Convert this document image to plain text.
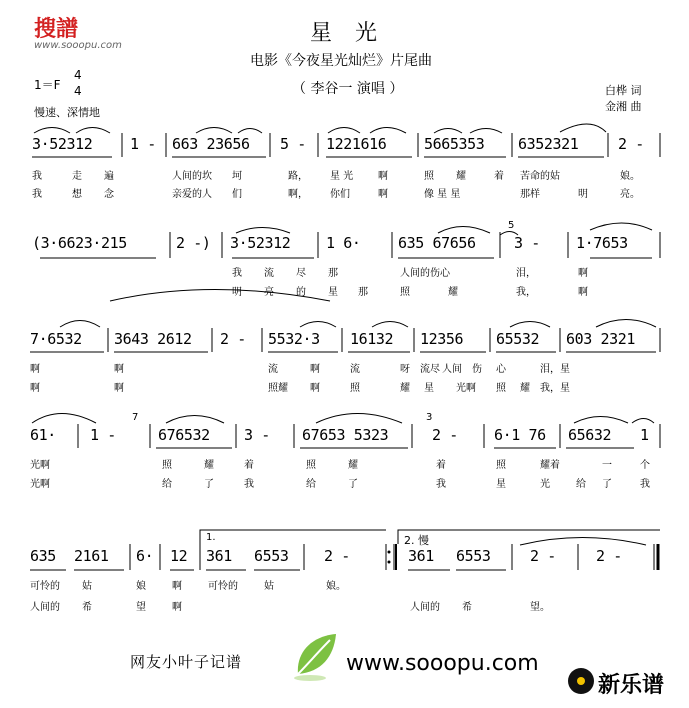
搜譜
www.sooopu.com	星 光
电影《今夜星光灿烂》片尾曲
（ 李谷一 演唱 ）
1＝F
4
4
慢速、深情地
白桦 词
金湘 曲
3·52312	1 - 663 23656 5 - 1221616	5665353 6352321	2 -
我	走 遍	人间的坎 坷	路， 星 光 啊	照 耀	着 苦命的姑	娘。
我	想 念	亲爱的人 们	啊， 你们	啊	像 星 星	那样	明	亮。
(3·6623·215	2 -) 3·52312 1 6· 635 67656	3 - 1·7653
5
我 流 尽 那	人间的伤心	泪，	啊
明 亮 的 星 那	照	耀	我，	啊
7·6532 3643 2612 2 - 5532·3 16132 12356 65532 603 2321
啊	啊	流	啊	流	呀 流尽 人间 伤 心	泪，星
啊	啊	照耀 啊	照	耀 星 光啊 照 耀 我，星
61· 1 -	676532 3 - 67653 5323	2 - 6·1 76 65632 1
7	3
光啊	照	耀	着	照	耀	着	照	耀着	一	个
光啊	给	了	我	给	了	我	星	光	给 了	我
1.	2. 慢
635 2161 6· 12 361 6553 2 -	361 6553	2 -	2 -
可怜的 姑	娘	啊	可怜的	姑	娘。
人间的 希	望	啊	人间的 希	望。
网友小叶子记谱	www.sooopu.com
新乐谱
